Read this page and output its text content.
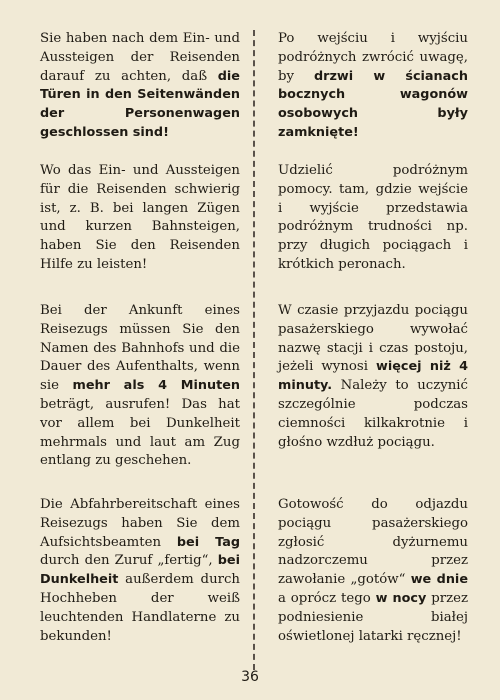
Sie haben nach dem Ein- und Aussteigen der Reisenden darauf zu achten, daß die Türen in den Seitenwänden der Personenwagen geschlossen sind!

Wo das Ein- und Aussteigen für die Reisenden schwierig ist, z. B. bei langen Zügen und kurzen Bahnsteigen, haben Sie den Reisenden Hilfe zu leisten!

Bei der Ankunft eines Reisezugs müssen Sie den Namen des Bahnhofs und die Dauer des Aufenthalts, wenn sie mehr als 4 Minuten beträgt, ausrufen! Das hat vor allem bei Dunkelheit mehrmals und laut am Zug entlang zu geschehen.

Die Abfahrbereitschaft eines Reisezugs haben Sie dem Aufsichtsbeamten bei Tag durch den Zuruf „fertig“, bei Dunkelheit außerdem durch Hochheben der weiß leuchtenden Handlaterne zu bekunden!

Po wejściu i wyjściu podróżnych zwrócić uwagę, by drzwi w ścianach bocznych wagonów osobowych były zamknięte!

Udzielić podróżnym pomocy. tam, gdzie wejście i wyjście przedstawia podróżnym trudności np. przy długich pociągach i krótkich peronach.

W czasie przyjazdu pociągu pasażerskiego wywołać nazwę stacji i czas postoju, jeżeli wynosi więcej niż 4 minuty. Należy to uczynić szczególnie podczas ciemności kilkakrotnie i głośno wzdłuż pociągu.

Gotowość do odjazdu pociągu pasażerskiego zgłosić dyżurnemu nadzorczemu przez zawołanie „gotów“ we dnie a oprócz tego w nocy przez podniesienie białej oświetlonej latarki ręcznej!

36
